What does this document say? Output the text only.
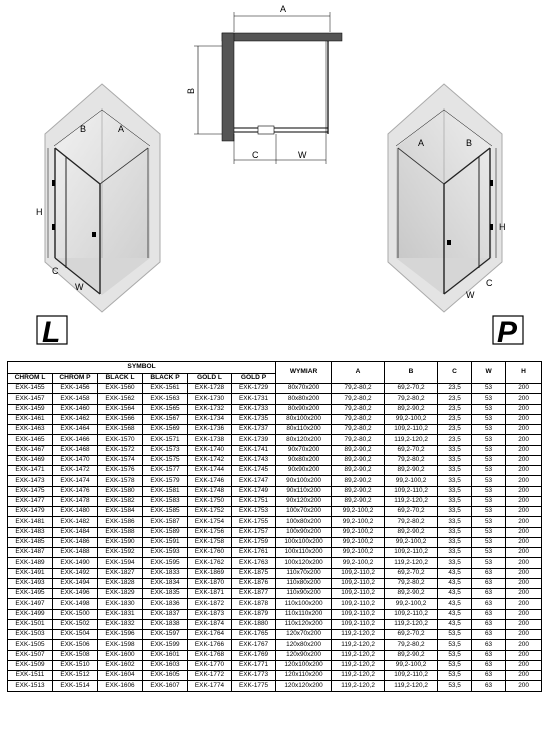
A
B
C	W
B	A
H
C
W
L
A	B
H
C
W
P
SYMBOL						WYMIAR	A	B	C	W	H
CHROM L	CHROM P	BLACK L	BLACK P	GOLD L	GOLD P						
EXK-1455	EXK-1456	EXK-1560	EXK-1561	EXK-1728	EXK-1729	80x70x200	79,2-80,2	69,2-70,2	23,5	53	200
EXK-1457	EXK-1458	EXK-1562	EXK-1563	EXK-1730	EXK-1731	80x80x200	79,2-80,2	79,2-80,2	23,5	53	200
EXK-1459	EXK-1460	EXK-1564	EXK-1565	EXK-1732	EXK-1733	80x90x200	79,2-80,2	89,2-90,2	23,5	53	200
EXK-1461	EXK-1462	EXK-1566	EXK-1567	EXK-1734	EXK-1735	80x100x200	79,2-80,2	99,2-100,2	23,5	53	200
EXK-1463	EXK-1464	EXK-1568	EXK-1569	EXK-1736	EXK-1737	80x110x200	79,2-80,2	109,2-110,2	23,5	53	200
EXK-1465	EXK-1466	EXK-1570	EXK-1571	EXK-1738	EXK-1739	80x120x200	79,2-80,2	119,2-120,2	23,5	53	200
EXK-1467	EXK-1468	EXK-1572	EXK-1573	EXK-1740	EXK-1741	90x70x200	89,2-90,2	69,2-70,2	33,5	53	200
EXK-1469	EXK-1470	EXK-1574	EXK-1575	EXK-1742	EXK-1743	90x80x200	89,2-90,2	79,2-80,2	33,5	53	200
EXK-1471	EXK-1472	EXK-1576	EXK-1577	EXK-1744	EXK-1745	90x90x200	89,2-90,2	89,2-90,2	33,5	53	200
EXK-1473	EXK-1474	EXK-1578	EXK-1579	EXK-1746	EXK-1747	90x100x200	89,2-90,2	99,2-100,2	33,5	53	200
EXK-1475	EXK-1476	EXK-1580	EXK-1581	EXK-1748	EXK-1749	90x110x200	89,2-90,2	109,2-110,2	33,5	53	200
EXK-1477	EXK-1478	EXK-1582	EXK-1583	EXK-1750	EXK-1751	90x120x200	89,2-90,2	119,2-120,2	33,5	53	200
EXK-1479	EXK-1480	EXK-1584	EXK-1585	EXK-1752	EXK-1753	100x70x200	99,2-100,2	69,2-70,2	33,5	53	200
EXK-1481	EXK-1482	EXK-1586	EXK-1587	EXK-1754	EXK-1755	100x80x200	99,2-100,2	79,2-80,2	33,5	53	200
EXK-1483	EXK-1484	EXK-1588	EXK-1589	EXK-1756	EXK-1757	100x90x200	99,2-100,2	89,2-90,2	33,5	53	200
EXK-1485	EXK-1486	EXK-1590	EXK-1591	EXK-1758	EXK-1759	100x100x200	99,2-100,2	99,2-100,2	33,5	53	200
EXK-1487	EXK-1488	EXK-1592	EXK-1593	EXK-1760	EXK-1761	100x110x200	99,2-100,2	109,2-110,2	33,5	53	200
EXK-1489	EXK-1490	EXK-1594	EXK-1595	EXK-1762	EXK-1763	100x120x200	99,2-100,2	119,2-120,2	33,5	53	200
EXK-1491	EXK-1492	EXK-1827	EXK-1833	EXK-1869	EXK-1875	110x70x200	109,2-110,2	69,2-70,2	43,5	63	200
EXK-1493	EXK-1494	EXK-1828	EXK-1834	EXK-1870	EXK-1876	110x80x200	109,2-110,2	79,2-80,2	43,5	63	200
EXK-1495	EXK-1496	EXK-1829	EXK-1835	EXK-1871	EXK-1877	110x90x200	109,2-110,2	89,2-90,2	43,5	63	200
EXK-1497	EXK-1498	EXK-1830	EXK-1836	EXK-1872	EXK-1878	110x100x200	109,2-110,2	99,2-100,2	43,5	63	200
EXK-1499	EXK-1500	EXK-1831	EXK-1837	EXK-1873	EXK-1879	110x110x200	109,2-110,2	109,2-110,2	43,5	63	200
EXK-1501	EXK-1502	EXK-1832	EXK-1838	EXK-1874	EXK-1880	110x120x200	109,2-110,2	119,2-120,2	43,5	63	200
EXK-1503	EXK-1504	EXK-1596	EXK-1597	EXK-1764	EXK-1765	120x70x200	119,2-120,2	69,2-70,2	53,5	63	200
EXK-1505	EXK-1506	EXK-1598	EXK-1599	EXK-1766	EXK-1767	120x80x200	119,2-120,2	79,2-80,2	53,5	63	200
EXK-1507	EXK-1508	EXK-1600	EXK-1601	EXK-1768	EXK-1769	120x90x200	119,2-120,2	89,2-90,2	53,5	63	200
EXK-1509	EXK-1510	EXK-1602	EXK-1603	EXK-1770	EXK-1771	120x100x200	119,2-120,2	99,2-100,2	53,5	63	200
EXK-1511	EXK-1512	EXK-1604	EXK-1605	EXK-1772	EXK-1773	120x110x200	119,2-120,2	109,2-110,2	53,5	63	200
EXK-1513	EXK-1514	EXK-1606	EXK-1607	EXK-1774	EXK-1775	120x120x200	119,2-120,2	119,2-120,2	53,5	63	200
